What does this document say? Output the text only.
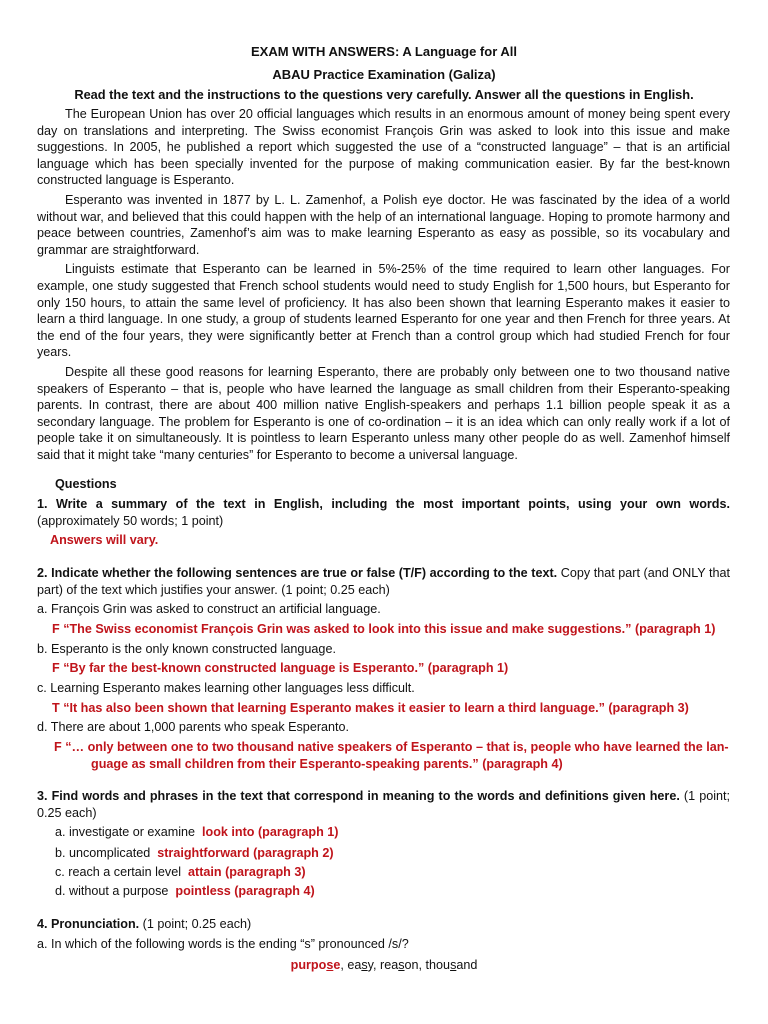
EXAM WITH ANSWERS: A Language for All
ABAU Practice Examination (Galiza)
Read the text and the instructions to the questions very carefully. Answer all the questions in English.

The European Union has over 20 official languages which results in an enormous amount of money being spent every day on translations and interpreting. The Swiss economist François Grin was asked to look into this issue and make suggestions. In 2005, he published a report which suggested the use of a “constructed language” – that is an artificial language which has been specially invented for the purpose of making communication easier. By far the best-known constructed language is Esperanto.

Esperanto was invented in 1877 by L. L. Zamenhof, a Polish eye doctor. He was fascinated by the idea of a world without war, and believed that this could happen with the help of an international language. Hoping to promote harmony and peace between countries, Zamenhof’s aim was to make learning Esperanto as easy as possible, so its vocabulary and grammar are straightforward.

Linguists estimate that Esperanto can be learned in 5%-25% of the time required to learn other languages. For example, one study suggested that French school students would need to study English for 1,500 hours, but Esperanto for only 150 hours, to attain the same level of proficiency. It has also been shown that learning Esperanto makes it easier to learn a third language. In one study, a group of students learned Esperanto for one year and then French for three years. At the end of the four years, they were significantly better at French than a control group which had studied French for four years.

Despite all these good reasons for learning Esperanto, there are probably only between one to two thousand native speakers of Esperanto – that is, people who have learned the language as small children from their Esperanto-speaking parents. In contrast, there are about 400 million native English-speakers and perhaps 1.1 billion people speak it as a secondary language. The problem for Esperanto is one of co-ordination – it is an idea which can only really work if a lot of people take it on simultaneously. It is pointless to learn Esperanto unless many other people do as well. Zamenhof himself said that it might take “many centuries” for Esperanto to become a universal language.

Questions
1. Write a summary of the text in English, including the most important points, using your own words. (approximately 50 words; 1 point)
Answers will vary.
2. Indicate whether the following sentences are true or false (T/F) according to the text. Copy that part (and ONLY that part) of the text which justifies your answer. (1 point; 0.25 each)
a. François Grin was asked to construct an artificial language.
F “The Swiss economist François Grin was asked to look into this issue and make suggestions.” (paragraph 1)
b. Esperanto is the only known constructed language.
F “By far the best-known constructed language is Esperanto.” (paragraph 1)
c. Learning Esperanto makes learning other languages less difficult.
T “It has also been shown that learning Esperanto makes it easier to learn a third language.” (paragraph 3)
d. There are about 1,000 parents who speak Esperanto.
F “… only between one to two thousand native speakers of Esperanto – that is, people who have learned the lan-
guage as small children from their Esperanto-speaking parents.” (paragraph 4)
3. Find words and phrases in the text that correspond in meaning to the words and definitions given here. (1 point; 0.25 each)
a. investigate or examine look into (paragraph 1)
b. uncomplicated straightforward (paragraph 2)
c. reach a certain level attain (paragraph 3)
d. without a purpose pointless (paragraph 4)
4. Pronunciation. (1 point; 0.25 each)
a. In which of the following words is the ending “s” pronounced /s/?
purpose, easy, reason, thousand
